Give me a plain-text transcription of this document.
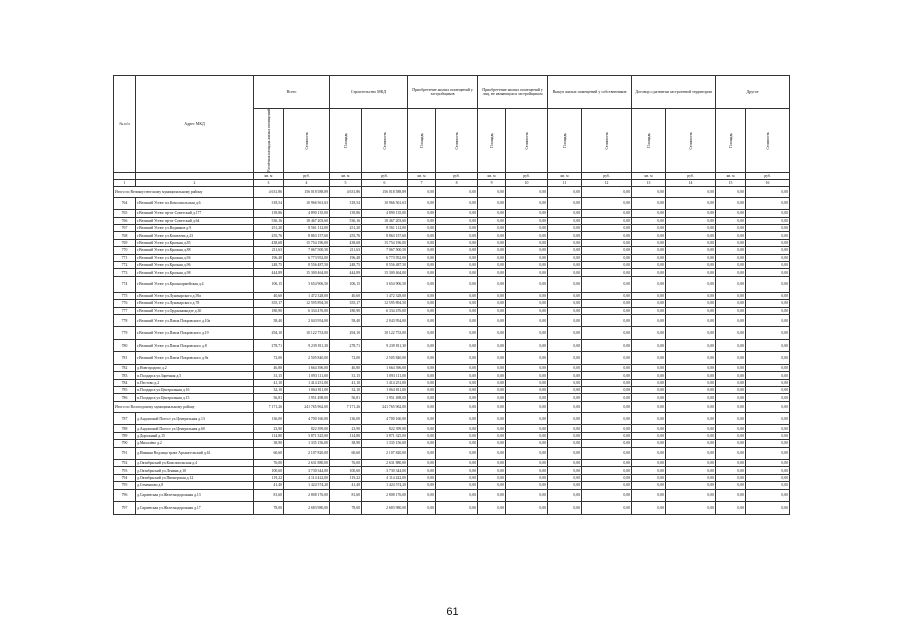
№ п/п	Адрес МКД	Всего		Строительство МКД		Приобретение жилых помещений у застройщиков		Приобретение жилых помещений у лиц, не являющихся застройщиком		Выкуп жилых помещений у собственников		Договор о развитии застроенной территории		Другое	

		Расчётная площадь жилых помещений	Стоимость	Площадь	Стоимость	Площадь	Стоимость	Площадь	Стоимость	Площадь	Стоимость	Площадь	Стоимость	Площадь	Стоимость

		кв. м	руб.	кв. м	руб.	кв. м	руб.	кв. м	руб.	кв. м	руб.	кв. м	руб.	кв. м	руб.
1	2	3	4	5	6	7	8	9	10	11	12	13	14	15	16
Итого по Великоустюгскому муниципальному району		4 631,86	156 018 588,89	4 631,86	156 018 588,89	0,00	0,00	0,00	0,00	0,00	0,00	0,00	0,00	0,00	0,00
764	г.Великий Устюг пл.Комсомольская д.6	318,54	10 966 561,63	318,54	10 966 561,63	0,00	0,00	0,00	0,00	0,00	0,00	0,00	0,00	0,00	0,00
765	г.Великий Устюг пр-кт Советский д.177	139,86	4 890 135,00	139,86	4 890 135,00	0,00	0,00	0,00	0,00	0,00	0,00	0,00	0,00	0,00	0,00
766	г.Великий Устюг пр-кт Советский д.64	536,16	18 467 203,60	536,16	18 467 203,60	0,00	0,00	0,00	0,00	0,00	0,00	0,00	0,00	0,00	0,00
767	г.Великий Устюг ул.Водников д.9	251,20	8 561 112,00	251,20	8 561 112,00	0,00	0,00	0,00	0,00	0,00	0,00	0,00	0,00	0,00	0,00
768	г.Великий Устюг ул.Кошелева д.23	255,76	8 863 157,60	255,76	8 863 157,60	0,00	0,00	0,00	0,00	0,00	0,00	0,00	0,00	0,00	0,00
769	г.Великий Устюг ул.Красная д.85	438,68	15 754 196,00	438,68	15 754 196,00	0,00	0,00	0,00	0,00	0,00	0,00	0,00	0,00	0,00	0,00
770	г.Великий Устюг ул.Красная д.88	211,63	7 067 500,50	211,63	7 067 500,50	0,00	0,00	0,00	0,00	0,00	0,00	0,00	0,00	0,00	0,00
771	г.Великий Устюг ул.Красная д.94	196,48	6 773 952,00	196,48	6 773 952,00	0,00	0,00	0,00	0,00	0,00	0,00	0,00	0,00	0,00	0,00
772	г.Великий Устюг ул.Красная д.96	248,75	8 556 487,50	248,75	8 556 487,50	0,00	0,00	0,00	0,00	0,00	0,00	0,00	0,00	0,00	0,00
773	г.Великий Устюг ул.Красная д.98	444,89	15 300 464,00	444,89	15 300 464,00	0,00	0,00	0,00	0,00	0,00	0,00	0,00	0,00	0,00	0,00
774	г.Великий Устюг ул.Красноармейская д.4	106,15	3 654 906,50	106,15	3 654 906,50	0,00	0,00	0,00	0,00	0,00	0,00	0,00	0,00	0,00	0,00
775	г.Великий Устюг ул.Луначарского д.59а	40,60	1 472 328,00	40,60	1 472 328,00	0,00	0,00	0,00	0,00	0,00	0,00	0,00	0,00	0,00	0,00
776	г.Великий Устюг ул.Луначарского д.78	355,17	12 595 894,50	355,17	12 595 894,50	0,00	0,00	0,00	0,00	0,00	0,00	0,00	0,00	0,00	0,00
777	г.Великий Устюг ул.Орджоникидзе д.30	180,90	6 334 476,00	180,90	6 334 476,00	0,00	0,00	0,00	0,00	0,00	0,00	0,00	0,00	0,00	0,00
778	г.Великий Устюг ул.Павла Покровского д.10а	58,40	2 043 954,00	58,40	2 043 954,00	0,00	0,00	0,00	0,00	0,00	0,00	0,00	0,00	0,00	0,00
779	г.Великий Устюг ул.Павла Покровского д.19	294,10	10 122 753,00	294,10	10 122 753,00	0,00	0,00	0,00	0,00	0,00	0,00	0,00	0,00	0,00	0,00
780	г.Великий Устюг ул.Павла Покровского д.8	278,71	9 239 811,30	278,71	9 239 811,30	0,00	0,00	0,00	0,00	0,00	0,00	0,00	0,00	0,00	0,00
781	г.Великий Устюг ул.Павла Покровского д.9а	72,00	2 505 840,00	72,00	2 505 840,00	0,00	0,00	0,00	0,00	0,00	0,00	0,00	0,00	0,00	0,00
782	д.Новгородово д.2	46,80	1 664 396,00	46,80	1 664 396,00	0,00	0,00	0,00	0,00	0,00	0,00	0,00	0,00	0,00	0,00
783	п.Полдарса ул.Заречная д.5	31,15	1 093 111,00	31,15	1 093 111,00	0,00	0,00	0,00	0,00	0,00	0,00	0,00	0,00	0,00	0,00
784	п.Пестово д.2	41,10	1 414 251,00	41,10	1 414 251,00	0,00	0,00	0,00	0,00	0,00	0,00	0,00	0,00	0,00	0,00
785	п.Полдарса ул.Центральная д.16	32,10	1 064 811,00	32,10	1 064 811,00	0,00	0,00	0,00	0,00	0,00	0,00	0,00	0,00	0,00	0,00
786	п.Полдарса ул.Центральная д.15	56,81	1 951 498,00	56,81	1 951 498,00	0,00	0,00	0,00	0,00	0,00	0,00	0,00	0,00	0,00	0,00
Итого по Вологодскому муниципальному району		7 171,26	241 765 962,00	7 171,26	241 765 962,00	0,00	0,00	0,00	0,00	0,00	0,00	0,00	0,00	0,00	0,00
787	д.Андомский Погост ул.Центральная д.13	136,00	4 700 160,00	136,00	4 700 160,00	0,00	0,00	0,00	0,00	0,00	0,00	0,00	0,00	0,00	0,00
788	д.Андомский Погост ул.Центральная д.60	23,90	822 399,00	23,90	822 399,00	0,00	0,00	0,00	0,00	0,00	0,00	0,00	0,00	0,00	0,00
789	д.Дорожный д.15	114,80	3 871 325,00	114,80	3 871 325,00	0,00	0,00	0,00	0,00	0,00	0,00	0,00	0,00	0,00	0,00
790	д.Михалёво д.2	38,90	1 335 156,00	38,90	1 335 156,00	0,00	0,00	0,00	0,00	0,00	0,00	0,00	0,00	0,00	0,00
791	д.Нижняя Водлица тракт Архангельский д.61	60,60	2 107 820,00	60,60	2 107 820,00	0,00	0,00	0,00	0,00	0,00	0,00	0,00	0,00	0,00	0,00
792	д.Октябрьский ул.Комсомольская д.4	76,00	2 631 880,00	76,00	2 631 880,00	0,00	0,00	0,00	0,00	0,00	0,00	0,00	0,00	0,00	0,00
793	д.Октябрьский ул.Ленина д.10	100,60	3 730 344,00	100,60	3 730 344,00	0,00	0,00	0,00	0,00	0,00	0,00	0,00	0,00	0,00	0,00
794	д.Октябрьский ул.Пионерская д.12	119,22	4 114 422,00	119,22	4 114 422,00	0,00	0,00	0,00	0,00	0,00	0,00	0,00	0,00	0,00	0,00
795	д.Семенково д.8	41,40	1 424 574,20	41,40	1 424 574,20	0,00	0,00	0,00	0,00	0,00	0,00	0,00	0,00	0,00	0,00
796	д.Сараевская ул.Железнодорожная д.13	81,60	2 808 176,00	81,60	2 808 176,00	0,00	0,00	0,00	0,00	0,00	0,00	0,00	0,00	0,00	0,00
797	д.Сараевская ул.Железнодорожная д.17	78,00	2 683 980,00	78,00	2 683 980,00	0,00	0,00	0,00	0,00	0,00	0,00	0,00	0,00	0,00	0,00
61
